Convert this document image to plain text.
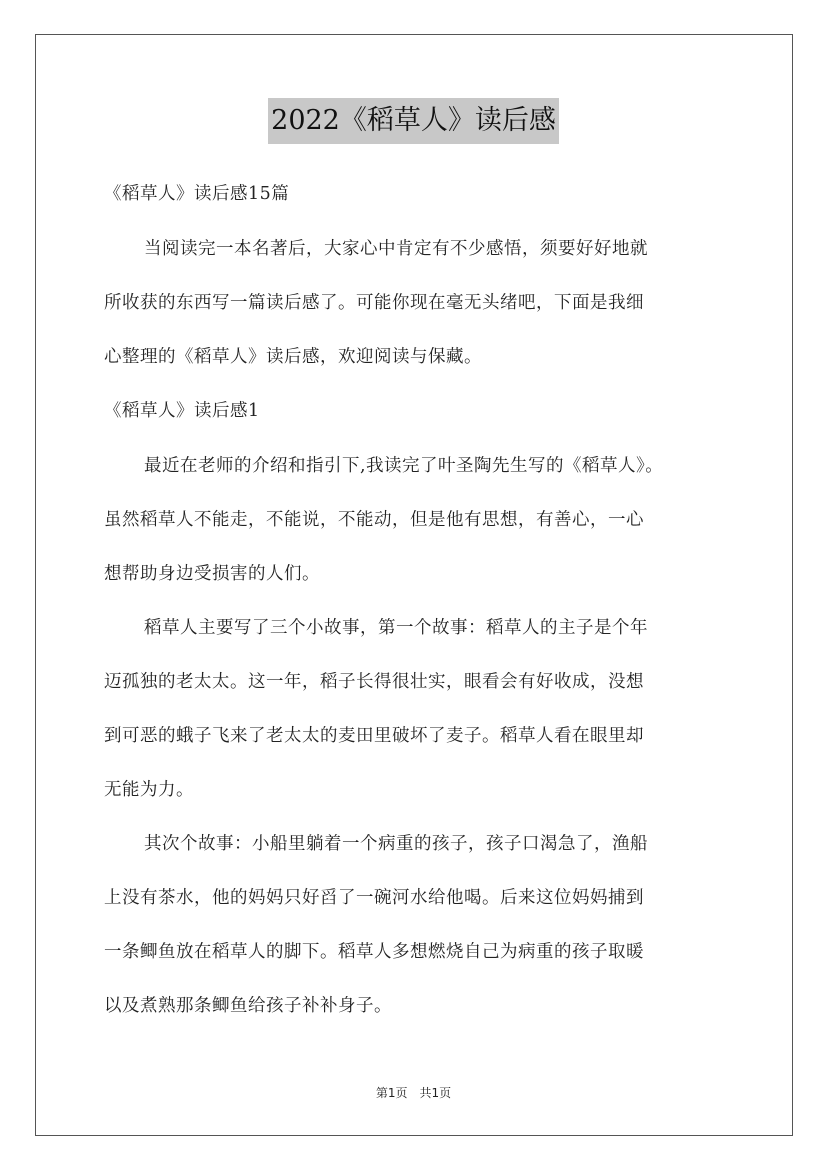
2022《稻草人》读后感
《稻草人》读后感15篇
当阅读完一本名著后，大家心中肯定有不少感悟，须要好好地就
所收获的东西写一篇读后感了。可能你现在毫无头绪吧，下面是我细
心整理的《稻草人》读后感，欢迎阅读与保藏。
《稻草人》读后感1
最近在老师的介绍和指引下,我读完了叶圣陶先生写的《稻草人》。
虽然稻草人不能走，不能说，不能动，但是他有思想，有善心，一心
想帮助身边受损害的人们。
稻草人主要写了三个小故事，第一个故事：稻草人的主子是个年
迈孤独的老太太。这一年，稻子长得很壮实，眼看会有好收成，没想
到可恶的蛾子飞来了老太太的麦田里破坏了麦子。稻草人看在眼里却
无能为力。
其次个故事：小船里躺着一个病重的孩子，孩子口渴急了，渔船
上没有茶水，他的妈妈只好舀了一碗河水给他喝。后来这位妈妈捕到
一条鲫鱼放在稻草人的脚下。稻草人多想燃烧自己为病重的孩子取暖
以及煮熟那条鲫鱼给孩子补补身子。
第1页　共1页
